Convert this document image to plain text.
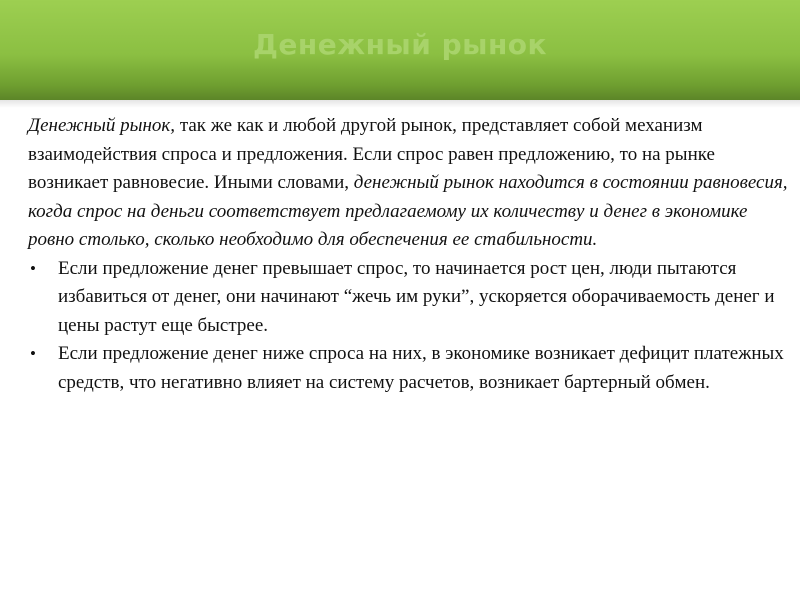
Денежный рынок

Денежный рынок, так же как и любой другой рынок, представляет собой механизм взаимодействия спроса и предложения. Если спрос равен предложению, то на рынке возникает равновесие. Иными словами, денежный рынок находится в состоянии равновесия, когда спрос на деньги соответствует предлагаемому их количеству и денег в экономике ровно столько, сколько необходимо для обеспечения ее стабильности.

• Если предложение денег превышает спрос, то начинается рост цен, люди пытаются избавиться от денег, они начинают “жечь им руки”, ускоряется оборачиваемость денег и цены растут еще быстрее.
• Если предложение денег ниже спроса на них, в экономике возникает дефицит платежных средств, что негативно влияет на систему расчетов, возникает бартерный обмен.
